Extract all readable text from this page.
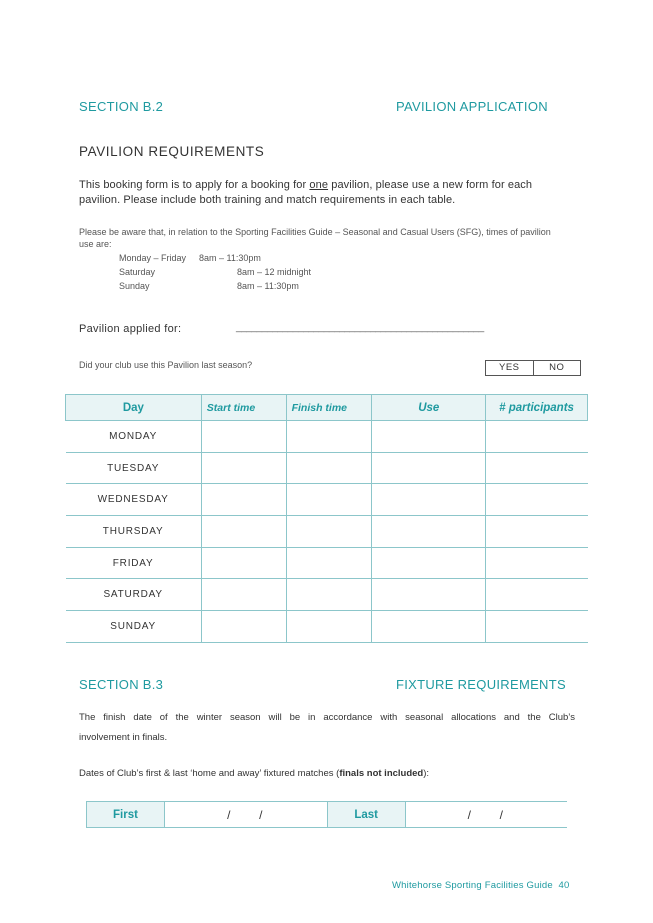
SECTION B.2	PAVILION APPLICATION
PAVILION REQUIREMENTS
This booking form is to apply for a booking for one pavilion, please use a new form for each
pavilion. Please include both training and match requirements in each table.
Please be aware that, in relation to the Sporting Facilities Guide – Seasonal and Casual Users (SFG), times of pavilion
use are:
Monday – Friday	8am – 11:30pm
Saturday	8am – 12 midnight
Sunday	8am – 11:30pm
Pavilion applied for:	________________________________________________
Did your club use this Pavilion last season?	YES	NO
Day	Start time	Finish time	Use	# participants
MONDAY				
TUESDAY				
WEDNESDAY				
THURSDAY				
FRIDAY				
SATURDAY				
SUNDAY				
SECTION B.3	FIXTURE REQUIREMENTS
The finish date of the winter season will be in accordance with seasonal allocations and the Club’s
involvement in finals.
Dates of Club’s first & last ‘home and away’ fixtured matches (finals not included):
First	/     /	Last	/     /
Whitehorse Sporting Facilities Guide 40
